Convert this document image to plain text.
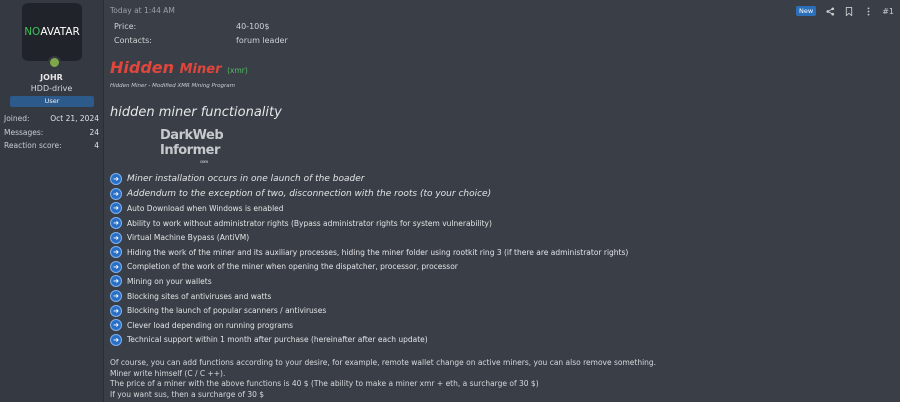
NO AVATAR
JOHR
HDD-drive
User
Joined:	Oct 21, 2024
Messages:	24
Reaction score:	4
Today at 1:44 AM	New	#1
Price:	40-100$
Contacts:	forum leader
Hidden Miner (xmr)
Hidden Miner - Modified XMR Mining Program
hidden miner functionality
DarkWeb
Informer
com
➜ Miner installation occurs in one launch of the boader
➜ Addendum to the exception of two, disconnection with the roots (to your choice)
➜	Auto Download when Windows is enabled
➜	Ability to work without administrator rights (Bypass administrator rights for system vulnerability)
➜	Virtual Machine Bypass (AntiVM)
➜	Hiding the work of the miner and its auxiliary processes, hiding the miner folder using rootkit ring 3 (if there are administrator rights)
➜	Completion of the work of the miner when opening the dispatcher, processor, processor
➜	Mining on your wallets
➜	Blocking sites of antiviruses and watts
➜	Blocking the launch of popular scanners / antiviruses
➜	Clever load depending on running programs
➜	Technical support within 1 month after purchase (hereinafter after each update)
Of course, you can add functions according to your desire, for example, remote wallet change on active miners, you can also remove something.
Miner write himself (C / C ++).
The price of a miner with the above functions is 40 $ (The ability to make a miner xmr + eth, a surcharge of 30 $)
If you want sus, then a surcharge of 30 $
